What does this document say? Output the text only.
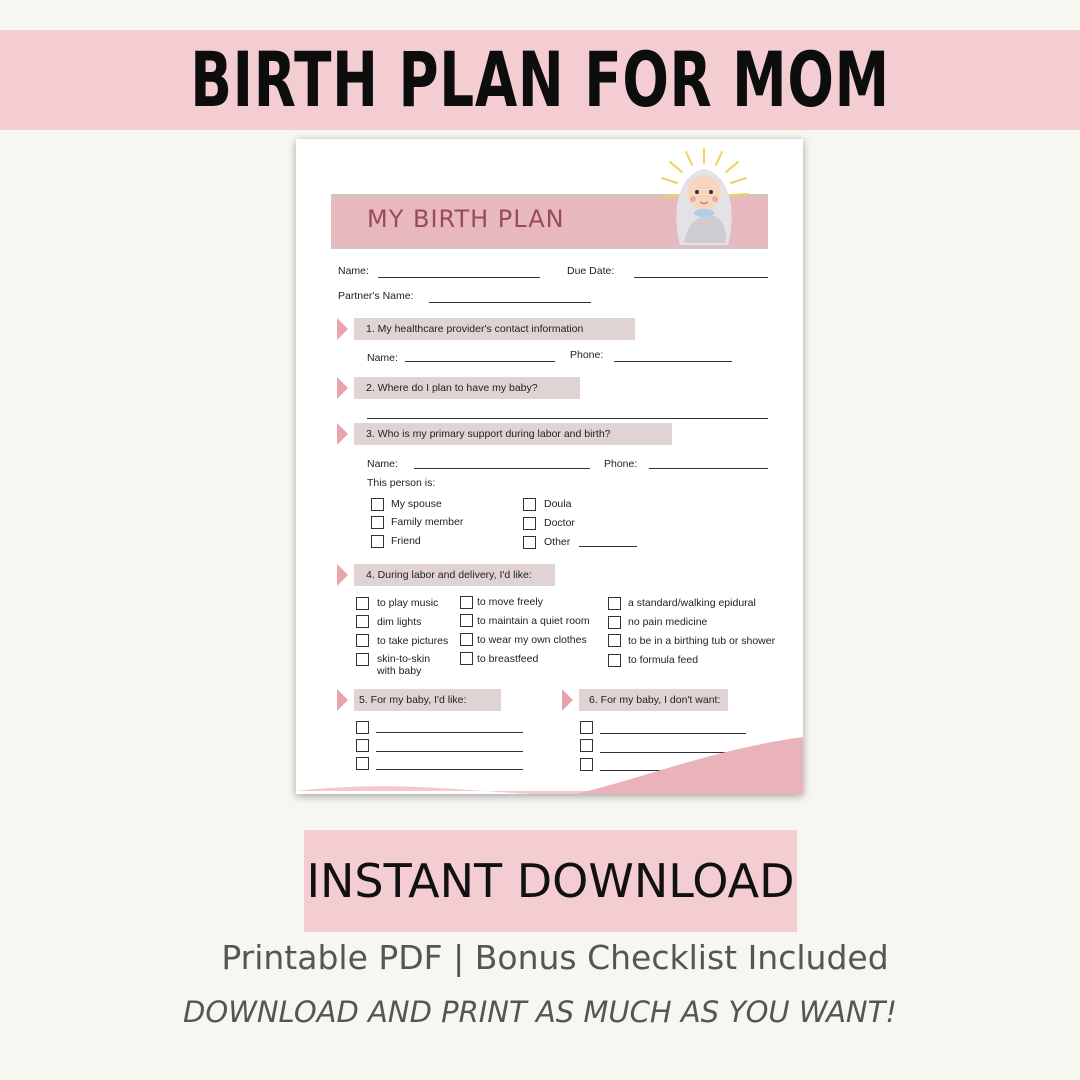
BIRTH PLAN FOR MOM
MY BIRTH PLAN
Name:	Due Date:
Partner's Name:
1. My healthcare provider's contact information
Name:	Phone:
2. Where do I plan to have my baby?
3. Who is my primary support during labor and birth?
Name:	Phone:
This person is:
My spouse
Family member
Friend
Doula
Doctor
Other
4. During labor and delivery, I'd like:
to play music
dim lights
to take pictures
skin-to-skin
with baby
to move freely
to maintain a quiet room
to wear my own clothes
to breastfeed
a standard/walking epidural
no pain medicine
to be in a birthing tub or shower
to formula feed
5. For my baby, I'd like:	6. For my baby, I don't want:
INSTANT DOWNLOAD
Printable PDF | Bonus Checklist Included
DOWNLOAD AND PRINT AS MUCH AS YOU WANT!
